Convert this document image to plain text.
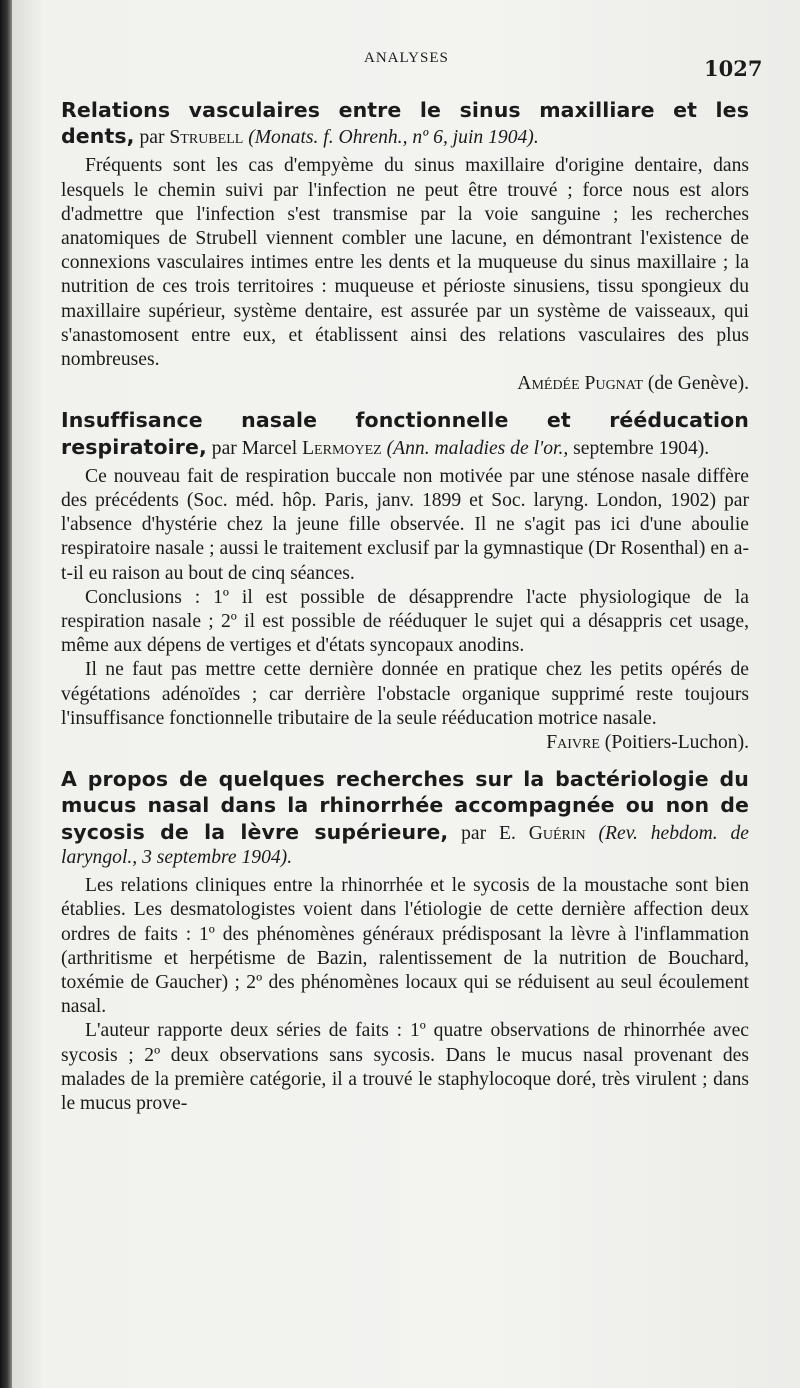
ANALYSES	1027
Relations vasculaires entre le sinus maxilliare et les dents, par Strubell (Monats. f. Ohrenh., nº 6, juin 1904).

Fréquents sont les cas d'empyème du sinus maxillaire d'origine dentaire, dans lesquels le chemin suivi par l'infection ne peut être trouvé ; force nous est alors d'admettre que l'infection s'est transmise par la voie sanguine ; les recherches anatomiques de Strubell viennent combler une lacune, en démontrant l'existence de connexions vasculaires intimes entre les dents et la muqueuse du sinus maxillaire ; la nutrition de ces trois territoires : muqueuse et périoste sinusiens, tissu spongieux du maxillaire supérieur, système dentaire, est assurée par un système de vaisseaux, qui s'anastomosent entre eux, et établissent ainsi des relations vasculaires des plus nombreuses.

Amédée Pugnat (de Genève).

Insuffisance nasale fonctionnelle et rééducation respiratoire, par Marcel Lermoyez (Ann. maladies de l'or., septembre 1904).

Ce nouveau fait de respiration buccale non motivée par une sténose nasale diffère des précédents (Soc. méd. hôp. Paris, janv. 1899 et Soc. laryng. London, 1902) par l'absence d'hystérie chez la jeune fille observée. Il ne s'agit pas ici d'une aboulie respiratoire nasale ; aussi le traitement exclusif par la gymnastique (Dr Rosenthal) en a-t-il eu raison au bout de cinq séances.

Conclusions : 1º il est possible de désapprendre l'acte physiologique de la respiration nasale ; 2º il est possible de rééduquer le sujet qui a désappris cet usage, même aux dépens de vertiges et d'états syncopaux anodins.

Il ne faut pas mettre cette dernière donnée en pratique chez les petits opérés de végétations adénoïdes ; car derrière l'obstacle organique supprimé reste toujours l'insuffisance fonctionnelle tributaire de la seule rééducation motrice nasale.

Faivre (Poitiers-Luchon).

A propos de quelques recherches sur la bactériologie du mucus nasal dans la rhinorrhée accompagnée ou non de sycosis de la lèvre supérieure, par E. Guérin (Rev. hebdom. de laryngol., 3 septembre 1904).

Les relations cliniques entre la rhinorrhée et le sycosis de la moustache sont bien établies. Les desmatologistes voient dans l'étiologie de cette dernière affection deux ordres de faits : 1º des phénomènes généraux prédisposant la lèvre à l'inflammation (arthritisme et herpétisme de Bazin, ralentissement de la nutrition de Bouchard, toxémie de Gaucher) ; 2º des phénomènes locaux qui se réduisent au seul écoulement nasal.

L'auteur rapporte deux séries de faits : 1º quatre observations de rhinorrhée avec sycosis ; 2º deux observations sans sycosis. Dans le mucus nasal provenant des malades de la première catégorie, il a trouvé le staphylocoque doré, très virulent ; dans le mucus prove-
